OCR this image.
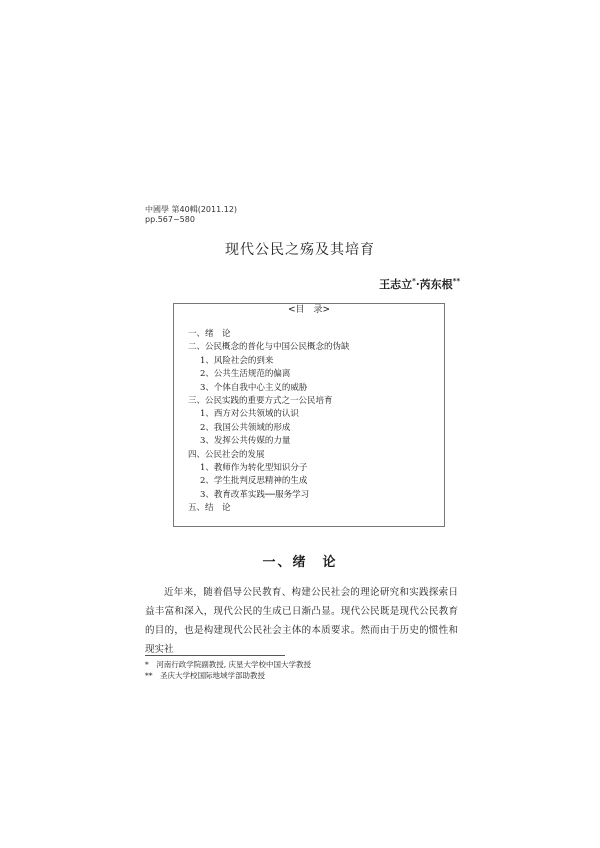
中國學 第40輯(2011.12)
pp.567~580
现代公民之殇及其培育
王志立*·芮东根**
<目　录>
一、绪　论
二、公民概念的普化与中国公民概念的伪缺
1、风险社会的到来
2、公共生活规范的偏离
3、个体自我中心主义的威胁
三、公民实践的重要方式之一公民培育
1、西方对公共领域的认识
2、我国公共领域的形成
3、发挥公共传媒的力量
四、公民社会的发展
1、教师作为转化型知识分子
2、学生批判反思精神的生成
3、教育改革实践──服务学习
五、结　论
一、绪　论

近年来，随着倡导公民教育、构建公民社会的理论研究和实践探索日益丰富和深入，现代公民的生成已日渐凸显。现代公民既是现代公民教育的目的，也是构建现代公民社会主体的本质要求。然而由于历史的惯性和现实社

*　河南行政学院副教授, 庆星大学校中国大学教授
**　圣庆大学校国际地域学部助教授
